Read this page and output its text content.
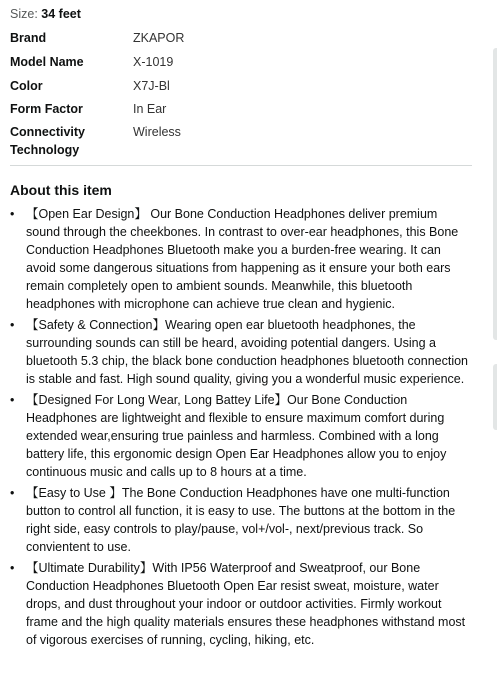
Size: 34 feet
Brand	ZKAPOR
Model Name	X-1019
Color	X7J-Bl
Form Factor	In Ear
Connectivity Technology	Wireless
About this item
• 【Open Ear Design】 Our Bone Conduction Headphones deliver premium sound through the cheekbones. In contrast to over-ear headphones, this Bone Conduction Headphones Bluetooth make you a burden-free wearing. It can avoid some dangerous situations from happening as it ensure your both ears remain completely open to ambient sounds. Meanwhile, this bluetooth headphones with microphone can achieve true clean and hygienic.
• 【Safety & Connection】Wearing open ear bluetooth headphones, the surrounding sounds can still be heard, avoiding potential dangers. Using a bluetooth 5.3 chip, the black bone conduction headphones bluetooth connection is stable and fast. High sound quality, giving you a wonderful music experience.
• 【Designed For Long Wear, Long Battey Life】Our Bone Conduction Headphones are lightweight and flexible to ensure maximum comfort during extended wear,ensuring true painless and harmless. Combined with a long battery life, this ergonomic design Open Ear Headphones allow you to enjoy continuous music and calls up to 8 hours at a time.
• 【Easy to Use 】The Bone Conduction Headphones have one multi-function button to control all function, it is easy to use. The buttons at the bottom in the right side, easy controls to play/pause, vol+/vol-, next/previous track. So convientent to use.
• 【Ultimate Durability】With IP56 Waterproof and Sweatproof, our Bone Conduction Headphones Bluetooth Open Ear resist sweat, moisture, water drops, and dust throughout your indoor or outdoor activities. Firmly workout frame and the high quality materials ensures these headphones withstand most of vigorous exercises of running, cycling, hiking, etc.
